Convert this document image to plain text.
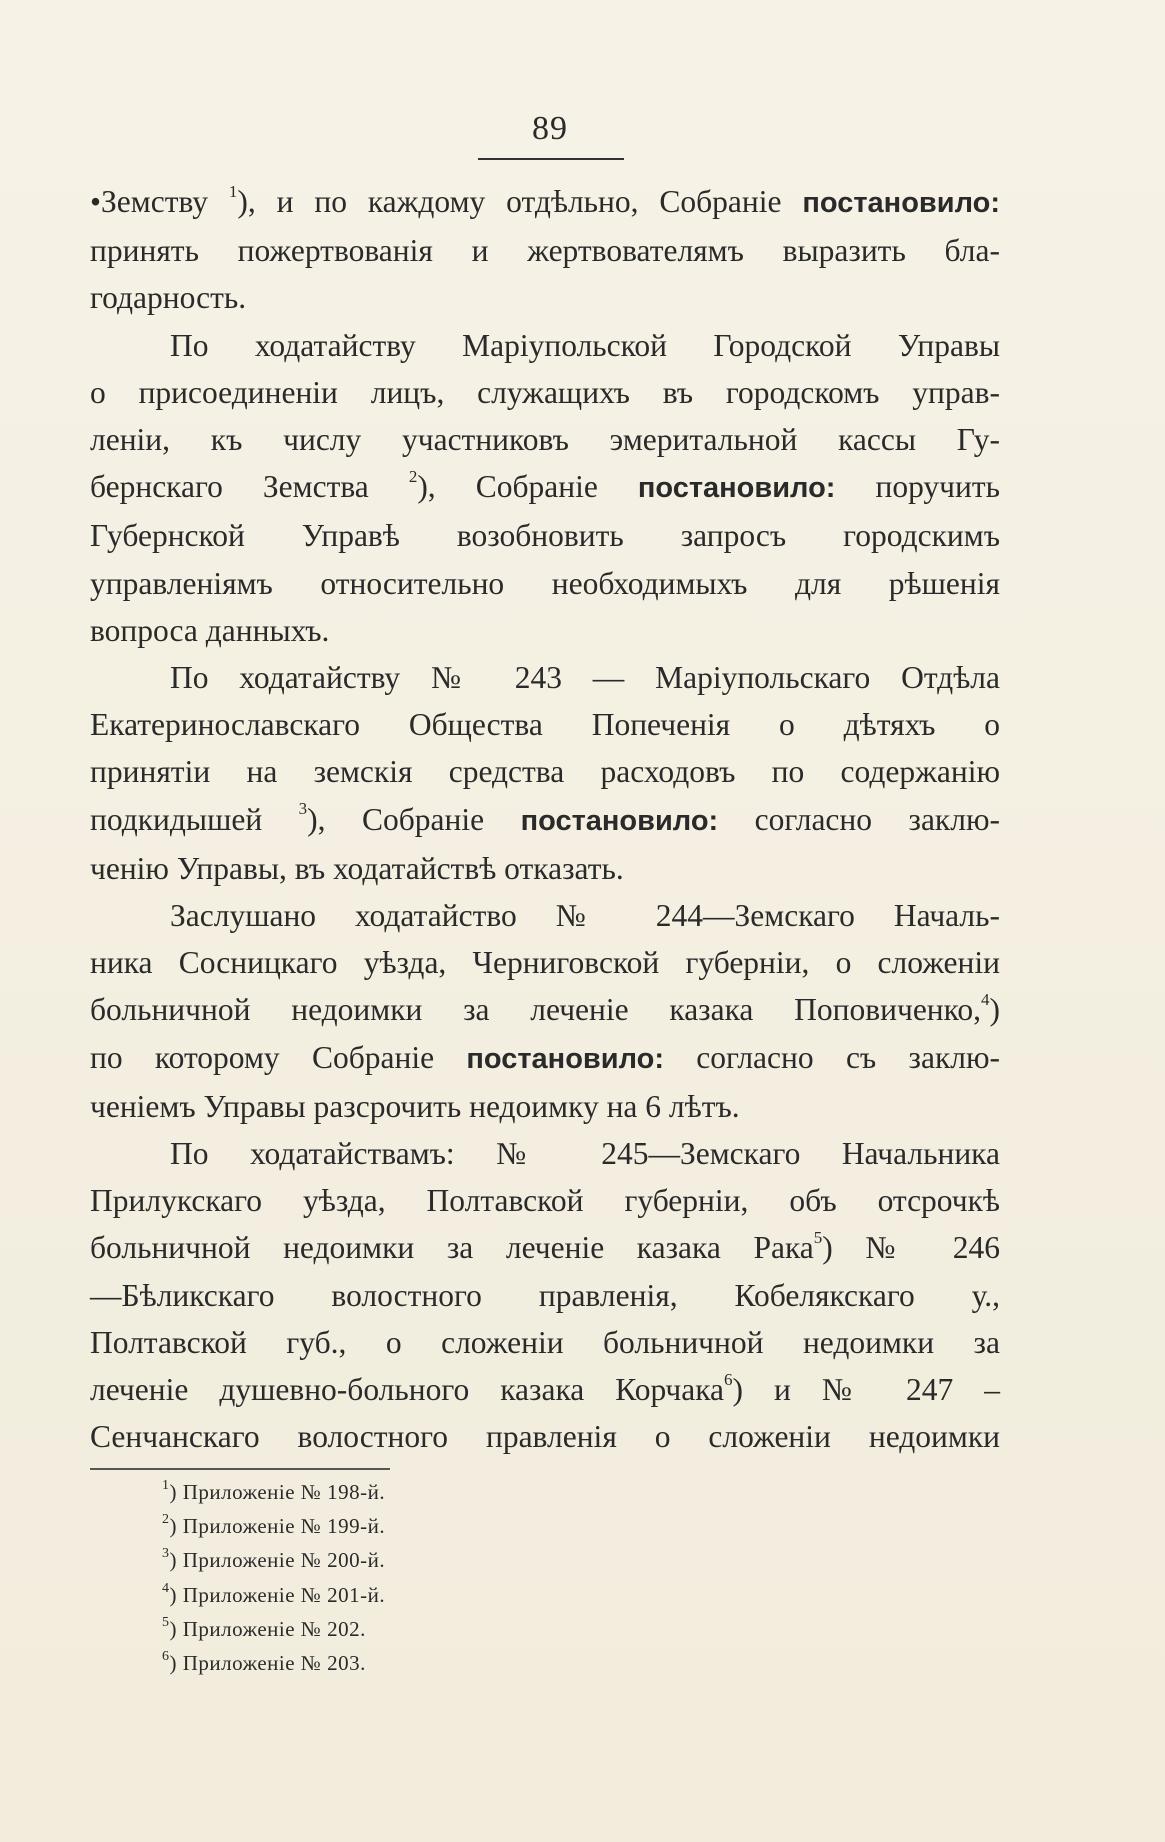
89
•Земству $^1$), и по каждому отдѣльно, Собраніе постановило:
принять пожертвованія и жертвователямъ выразить бла-
годарность.
По ходатайству Маріупольской Городской Управы
о присоединеніи лицъ, служащихъ въ городскомъ управ-
леніи, къ числу участниковъ эмеритальной кассы Гу-
бернскаго Земства $^2$), Собраніе постановило: поручить
Губернской Управѣ возобновить запросъ городскимъ
управленіямъ относительно необходимыхъ для рѣшенія
вопроса данныхъ.
По ходатайству № 243 — Маріупольскаго Отдѣла
Екатеринославскаго Общества Попеченія о дѣтяхъ о
принятіи на земскія средства расходовъ по содержанію
подкидышей $^3$), Собраніе постановило: согласно заклю-
ченію Управы, въ ходатайствѣ отказать.
Заслушано ходатайство № 244—Земскаго Началь-
ника Сосницкаго уѣзда, Черниговской губерніи, о сложеніи
больничной недоимки за леченіе казака Поповиченко,$^4$)
по которому Собраніе постановило: согласно съ заклю-
ченіемъ Управы разсрочить недоимку на 6 лѣтъ.
По ходатайствамъ: № 245—Земскаго Начальника
Прилукскаго уѣзда, Полтавской губерніи, объ отсрочкѣ
больничной недоимки за леченіе казака Рака$^5$) № 246
—Бѣликскаго волостного правленія, Кобелякскаго у.,
Полтавской губ., о сложеніи больничной недоимки за
леченіе душевно-больного казака Корчака$^6$) и № 247 –
Сенчанскаго волостного правленія о сложеніи недоимки
$^1$) Приложеніе № 198-й.
$^2$) Приложеніе № 199-й.
$^3$) Приложеніе № 200-й.
$^4$) Приложеніе № 201-й.
$^5$) Приложеніе № 202.
$^6$) Приложеніе № 203.
